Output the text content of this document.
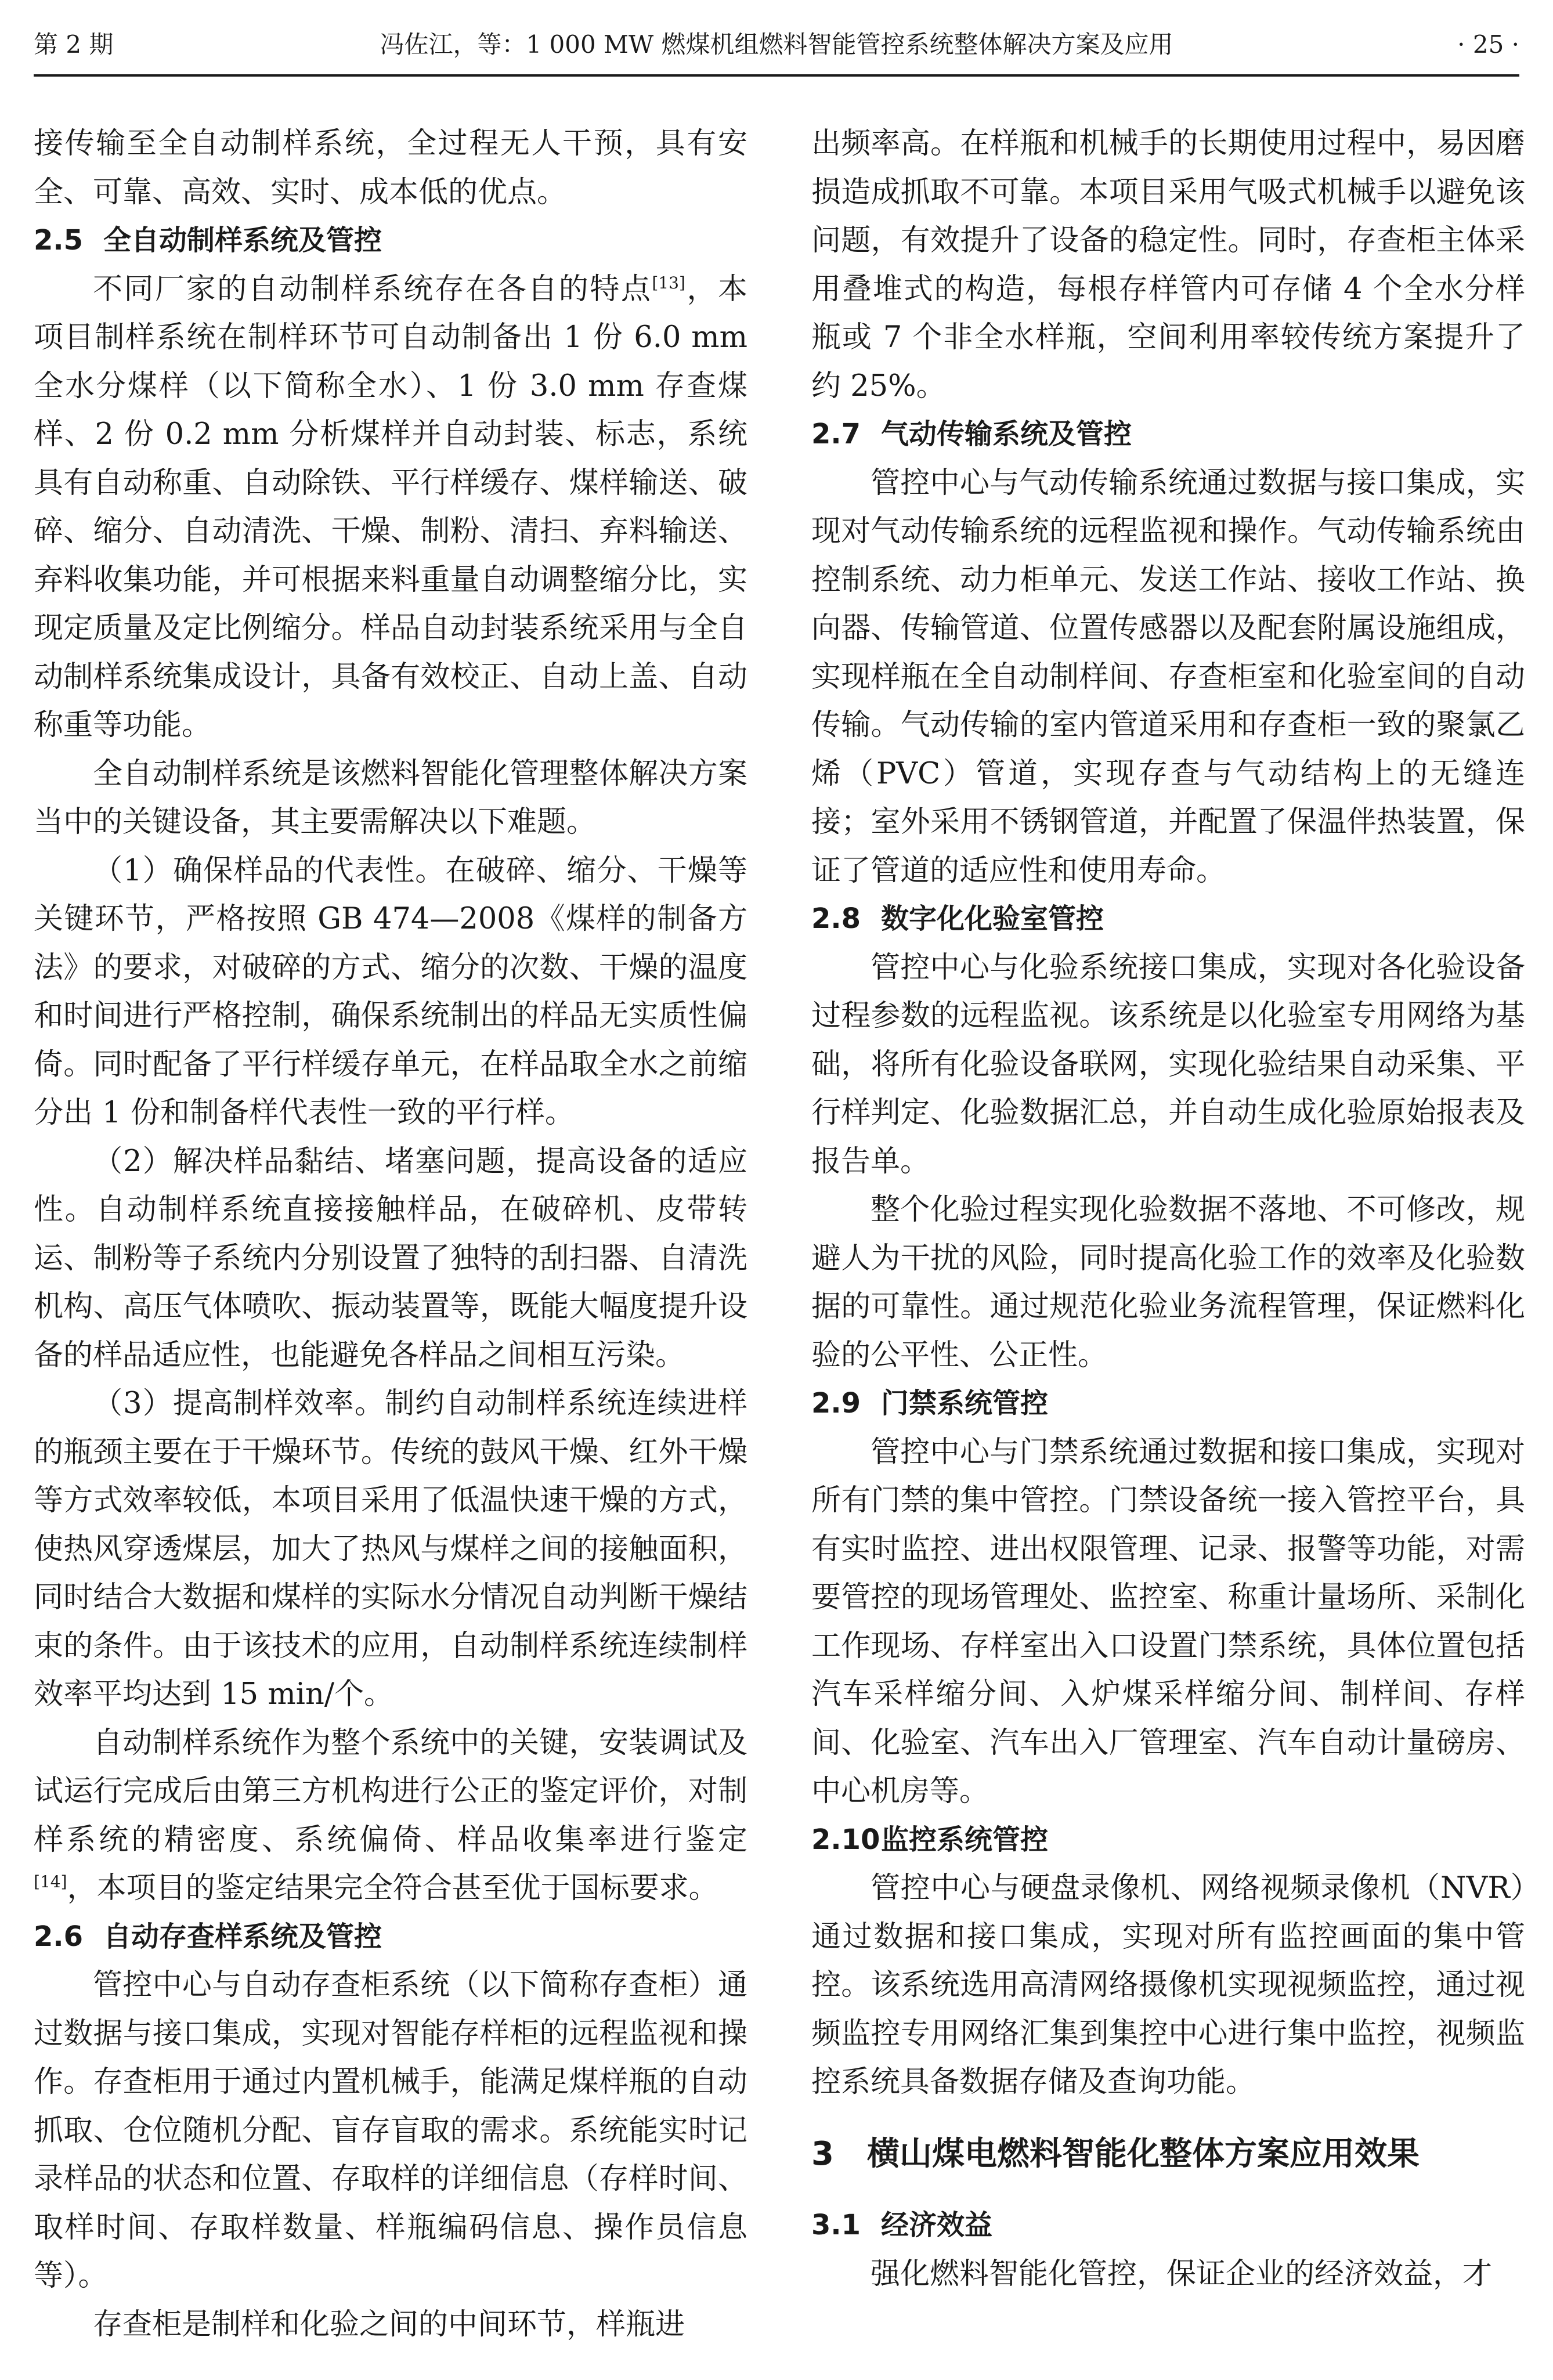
第 2 期	冯佐江，等：1 000 MW 燃煤机组燃料智能管控系统整体解决方案及应用	· 25 ·

接传输至全自动制样系统，全过程无人干预，具有安全、可靠、高效、实时、成本低的优点。

2.5 全自动制样系统及管控

不同厂家的自动制样系统存在各自的特点[13]，本项目制样系统在制样环节可自动制备出 1 份 6.0 mm 全水分煤样（以下简称全水）、1 份 3.0 mm 存查煤样、2 份 0.2 mm 分析煤样并自动封装、标志，系统具有自动称重、自动除铁、平行样缓存、煤样输送、破碎、缩分、自动清洗、干燥、制粉、清扫、弃料输送、弃料收集功能，并可根据来料重量自动调整缩分比，实现定质量及定比例缩分。样品自动封装系统采用与全自动制样系统集成设计，具备有效校正、自动上盖、自动称重等功能。

全自动制样系统是该燃料智能化管理整体解决方案当中的关键设备，其主要需解决以下难题。

（1）确保样品的代表性。在破碎、缩分、干燥等关键环节，严格按照 GB 474—2008《煤样的制备方法》的要求，对破碎的方式、缩分的次数、干燥的温度和时间进行严格控制，确保系统制出的样品无实质性偏倚。同时配备了平行样缓存单元，在样品取全水之前缩分出 1 份和制备样代表性一致的平行样。

（2）解决样品黏结、堵塞问题，提高设备的适应性。自动制样系统直接接触样品，在破碎机、皮带转运、制粉等子系统内分别设置了独特的刮扫器、自清洗机构、高压气体喷吹、振动装置等，既能大幅度提升设备的样品适应性，也能避免各样品之间相互污染。

（3）提高制样效率。制约自动制样系统连续进样的瓶颈主要在于干燥环节。传统的鼓风干燥、红外干燥等方式效率较低，本项目采用了低温快速干燥的方式，使热风穿透煤层，加大了热风与煤样之间的接触面积，同时结合大数据和煤样的实际水分情况自动判断干燥结束的条件。由于该技术的应用，自动制样系统连续制样效率平均达到 15 min/个。

自动制样系统作为整个系统中的关键，安装调试及试运行完成后由第三方机构进行公正的鉴定评价，对制样系统的精密度、系统偏倚、样品收集率进行鉴定[14]，本项目的鉴定结果完全符合甚至优于国标要求。

2.6 自动存查样系统及管控

管控中心与自动存查柜系统（以下简称存查柜）通过数据与接口集成，实现对智能存样柜的远程监视和操作。存查柜用于通过内置机械手，能满足煤样瓶的自动抓取、仓位随机分配、盲存盲取的需求。系统能实时记录样品的状态和位置、存取样的详细信息（存样时间、取样时间、存取样数量、样瓶编码信息、操作员信息等）。

存查柜是制样和化验之间的中间环节，样瓶进

出频率高。在样瓶和机械手的长期使用过程中，易因磨损造成抓取不可靠。本项目采用气吸式机械手以避免该问题，有效提升了设备的稳定性。同时，存查柜主体采用叠堆式的构造，每根存样管内可存储 4 个全水分样瓶或 7 个非全水样瓶，空间利用率较传统方案提升了约 25%。

2.7 气动传输系统及管控

管控中心与气动传输系统通过数据与接口集成，实现对气动传输系统的远程监视和操作。气动传输系统由控制系统、动力柜单元、发送工作站、接收工作站、换向器、传输管道、位置传感器以及配套附属设施组成，实现样瓶在全自动制样间、存查柜室和化验室间的自动传输。气动传输的室内管道采用和存查柜一致的聚氯乙烯（PVC）管道，实现存查与气动结构上的无缝连接；室外采用不锈钢管道，并配置了保温伴热装置，保证了管道的适应性和使用寿命。

2.8 数字化化验室管控

管控中心与化验系统接口集成，实现对各化验设备过程参数的远程监视。该系统是以化验室专用网络为基础，将所有化验设备联网，实现化验结果自动采集、平行样判定、化验数据汇总，并自动生成化验原始报表及报告单。

整个化验过程实现化验数据不落地、不可修改，规避人为干扰的风险，同时提高化验工作的效率及化验数据的可靠性。通过规范化验业务流程管理，保证燃料化验的公平性、公正性。

2.9 门禁系统管控

管控中心与门禁系统通过数据和接口集成，实现对所有门禁的集中管控。门禁设备统一接入管控平台，具有实时监控、进出权限管理、记录、报警等功能，对需要管控的现场管理处、监控室、称重计量场所、采制化工作现场、存样室出入口设置门禁系统，具体位置包括汽车采样缩分间、入炉煤采样缩分间、制样间、存样间、化验室、汽车出入厂管理室、汽车自动计量磅房、中心机房等。

2.10监控系统管控

管控中心与硬盘录像机、网络视频录像机（NVR）通过数据和接口集成，实现对所有监控画面的集中管控。该系统选用高清网络摄像机实现视频监控，通过视频监控专用网络汇集到集控中心进行集中监控，视频监控系统具备数据存储及查询功能。

3 横山煤电燃料智能化整体方案应用效果
3.1 经济效益

强化燃料智能化管控，保证企业的经济效益，才
